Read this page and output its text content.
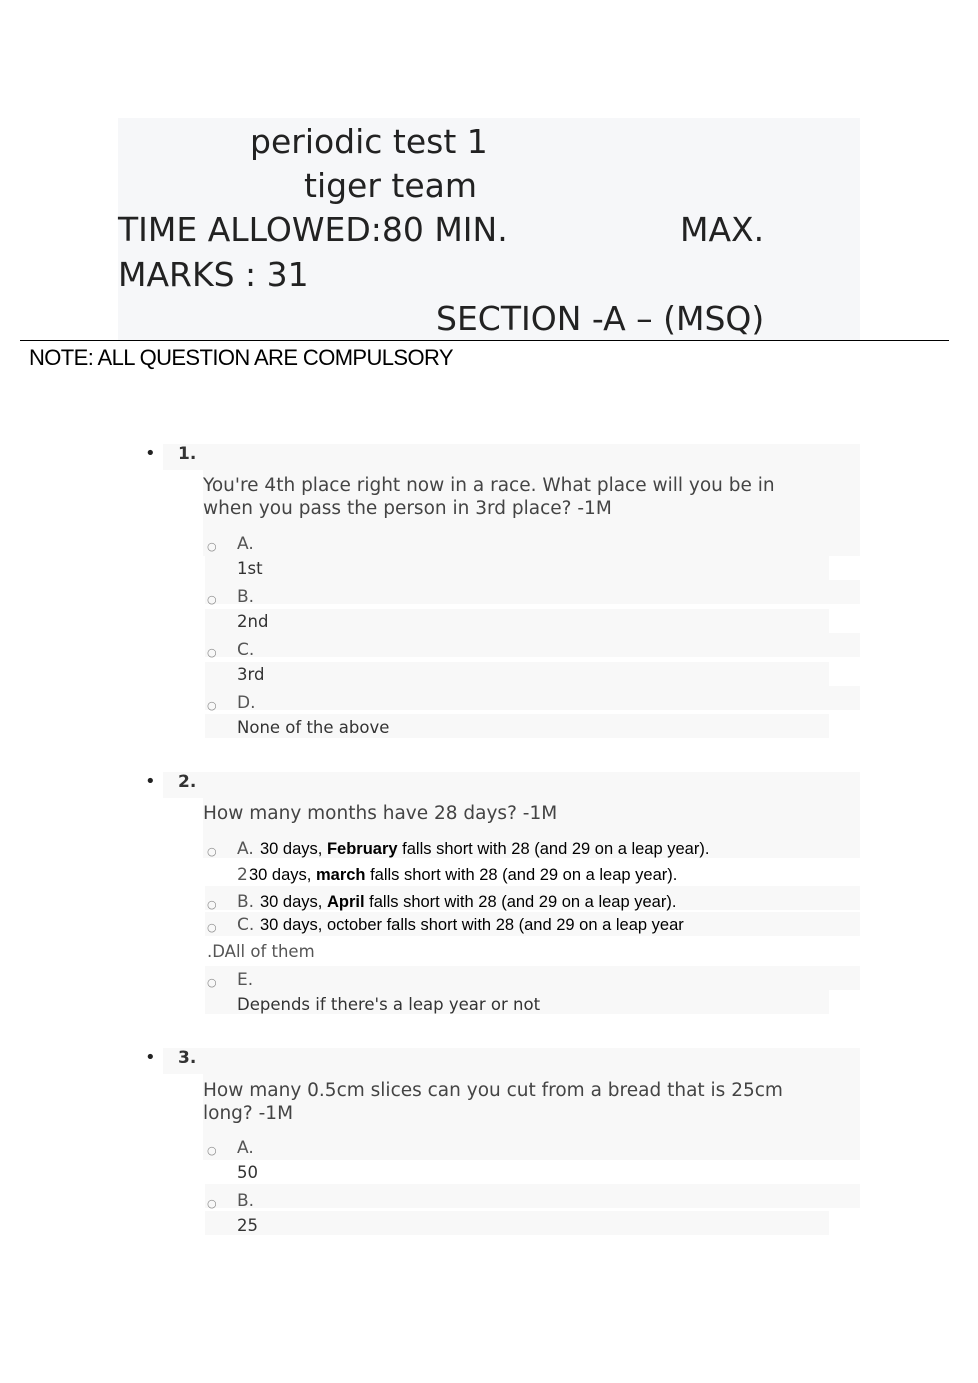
periodic test 1
tiger team
TIME ALLOWED:80 MIN.	MAX.
MARKS : 31
SECTION -A – (MSQ)
NOTE: ALL QUESTION ARE COMPULSORY
• 1.
You're 4th place right now in a race. What place will you be in
when you pass the person in 3rd place? -1M
○ A.
1st
○ B.
2nd
○ C.
3rd
○ D.
None of the above
• 2.
How many months have 28 days? -1M
○ A. 30 days, February falls short with 28 (and 29 on a leap year).
2 30 days, march falls short with 28 (and 29 on a leap year).
○ B. 30 days, April falls short with 28 (and 29 on a leap year).
○ C. 30 days, october falls short with 28 (and 29 on a leap year
.DAll of them
○ E.
Depends if there's a leap year or not
• 3.
How many 0.5cm slices can you cut from a bread that is 25cm
long? -1M
○ A.
50
○ B.
25
